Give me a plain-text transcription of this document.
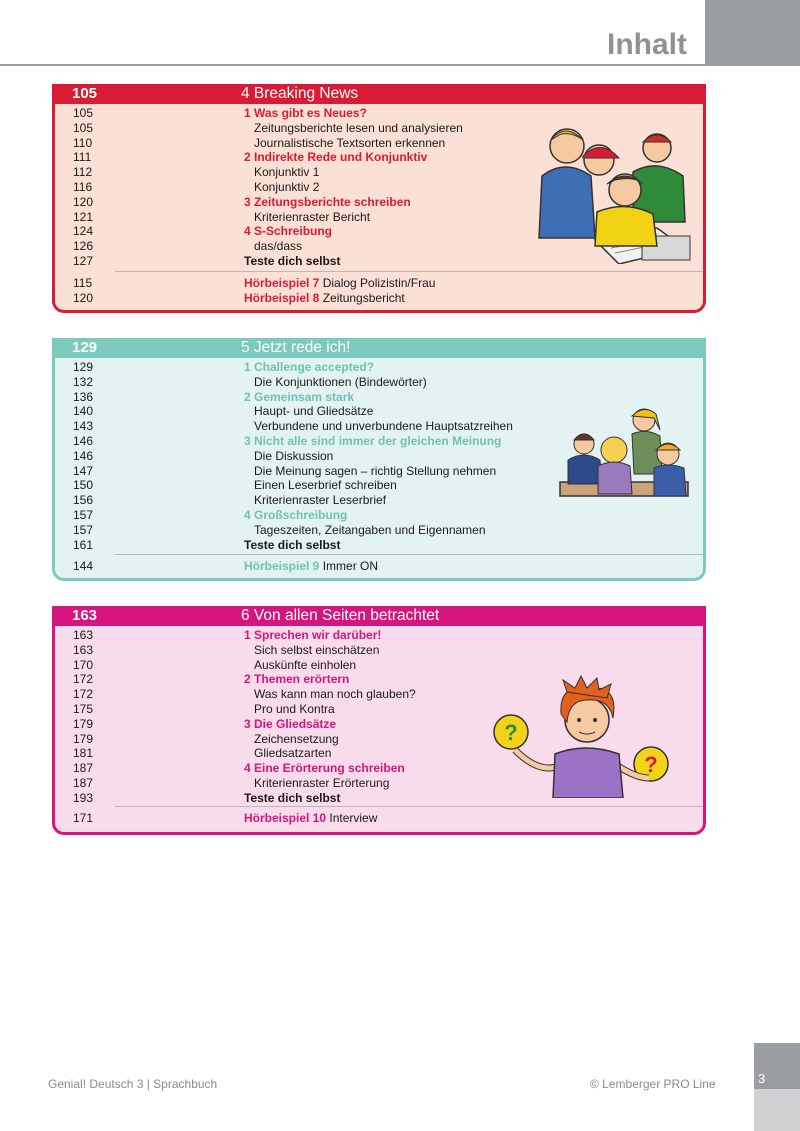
Inhalt
105	4 Breaking News
105	1 Was gibt es Neues?
105	Zeitungsberichte lesen und analysieren
110	Journalistische Textsorten erkennen
111	2 Indirekte Rede und Konjunktiv
112	Konjunktiv 1
116	Konjunktiv 2
120	3 Zeitungsberichte schreiben
121	Kriterienraster Bericht
124	4 S-Schreibung
126	das/dass
127	Teste dich selbst
115	Hörbeispiel 7 Dialog Polizistin/Frau
120	Hörbeispiel 8 Zeitungsbericht
129	5 Jetzt rede ich!
129	1 Challenge accepted?
132	Die Konjunktionen (Bindewörter)
136	2 Gemeinsam stark
140	Haupt- und Gliedsätze
143	Verbundene und unverbundene Hauptsatzreihen
146	3 Nicht alle sind immer der gleichen Meinung
146	Die Diskussion
147	Die Meinung sagen – richtig Stellung nehmen
150	Einen Leserbrief schreiben
156	Kriterienraster Leserbrief
157	4 Großschreibung
157	Tageszeiten, Zeitangaben und Eigennamen
161	Teste dich selbst
144	Hörbeispiel 9 Immer ON
163	6 Von allen Seiten betrachtet
163	1 Sprechen wir darüber!
163	Sich selbst einschätzen
170	Auskünfte einholen
172	2 Themen erörtern
172	Was kann man noch glauben?
175	Pro und Kontra
179	3 Die Gliedsätze
179	Zeichensetzung
181	Gliedsatzarten
187	4 Eine Erörterung schreiben
187	Kriterienraster Erörterung
193	Teste dich selbst
171	Hörbeispiel 10 Interview
?
?
Genial! Deutsch 3 | Sprachbuch	© Lemberger PRO Line	3
